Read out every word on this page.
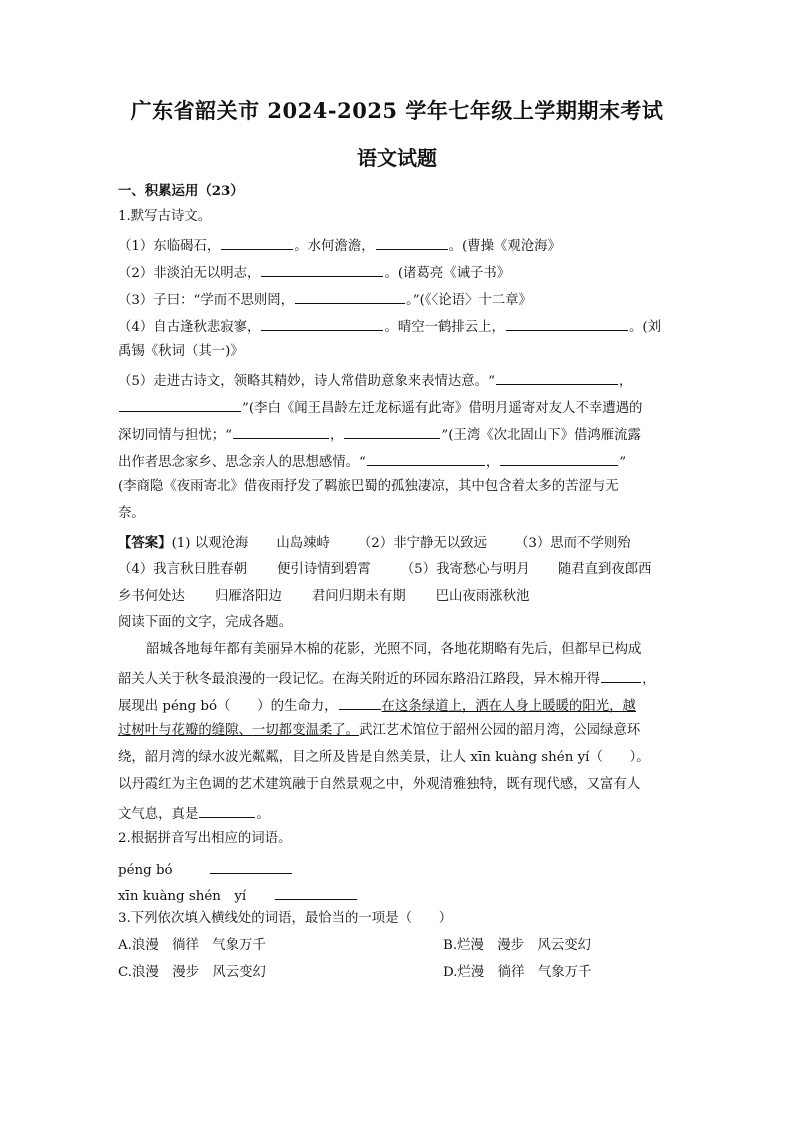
广东省韶关市 2024-2025 学年七年级上学期期末考试
语文试题
一、积累运用（23）
1.默写古诗文。
（1）东临碣石，	。水何澹澹，	。(曹操《观沧海》
（2）非淡泊无以明志，	。(诸葛亮《诫子书》
（3）子曰：“学而不思则罔，	。”(《〈论语〉十二章》
（4）自古逢秋悲寂寥，	。晴空一鹤排云上，	。(刘
禹锡《秋词（其一)》
（5）走进古诗文，领略其精妙，诗人常借助意象来表情达意。“	，
”(李白《闻王昌龄左迁龙标遥有此寄》借明月遥寄对友人不幸遭遇的
深切同情与担忧；“	，	”(王湾《次北固山下》借鸿雁流露
出作者思念家乡、思念亲人的思想感情。“	，	”
(李商隐《夜雨寄北》借夜雨抒发了羁旅巴蜀的孤独凄凉，其中包含着太多的苦涩与无
奈。
【答案】(1) 以观沧海 山岛竦峙 （2）非宁静无以致远 （3）思而不学则殆
（4）我言秋日胜春朝 便引诗情到碧霄 （5）我寄愁心与明月 随君直到夜郎西
乡书何处达 归雁洛阳边 君问归期未有期 巴山夜雨涨秋池
阅读下面的文字，完成各题。
韶城各地每年都有美丽异木棉的花影，光照不同，各地花期略有先后，但都早已构成
韶关人关于秋冬最浪漫的一段记忆。在海关附近的环园东路沿江路段，异木棉开得	，
展现出 péng bó（　　）的生命力，	在这条绿道上，洒在人身上暖暖的阳光，越
过树叶与花瓣的缝隙、一切都变温柔了。武江艺术馆位于韶州公园的韶月湾，公园绿意环
绕，韶月湾的绿水波光粼粼，目之所及皆是自然美景，让人 xīn kuàng shén yí（　　）。
以丹霞红为主色调的艺术建筑融于自然景观之中，外观清雅独特，既有现代感，又富有人
文气息，真是	。
2.根据拼音写出相应的词语。
péng bó
xīn kuàng shén　yí
3.下列依次填入横线处的词语，最恰当的一项是（　　）
A.浪漫　徜徉　气象万千	B.烂漫　漫步　风云变幻
C.浪漫　漫步　风云变幻	D.烂漫　徜徉　气象万千
